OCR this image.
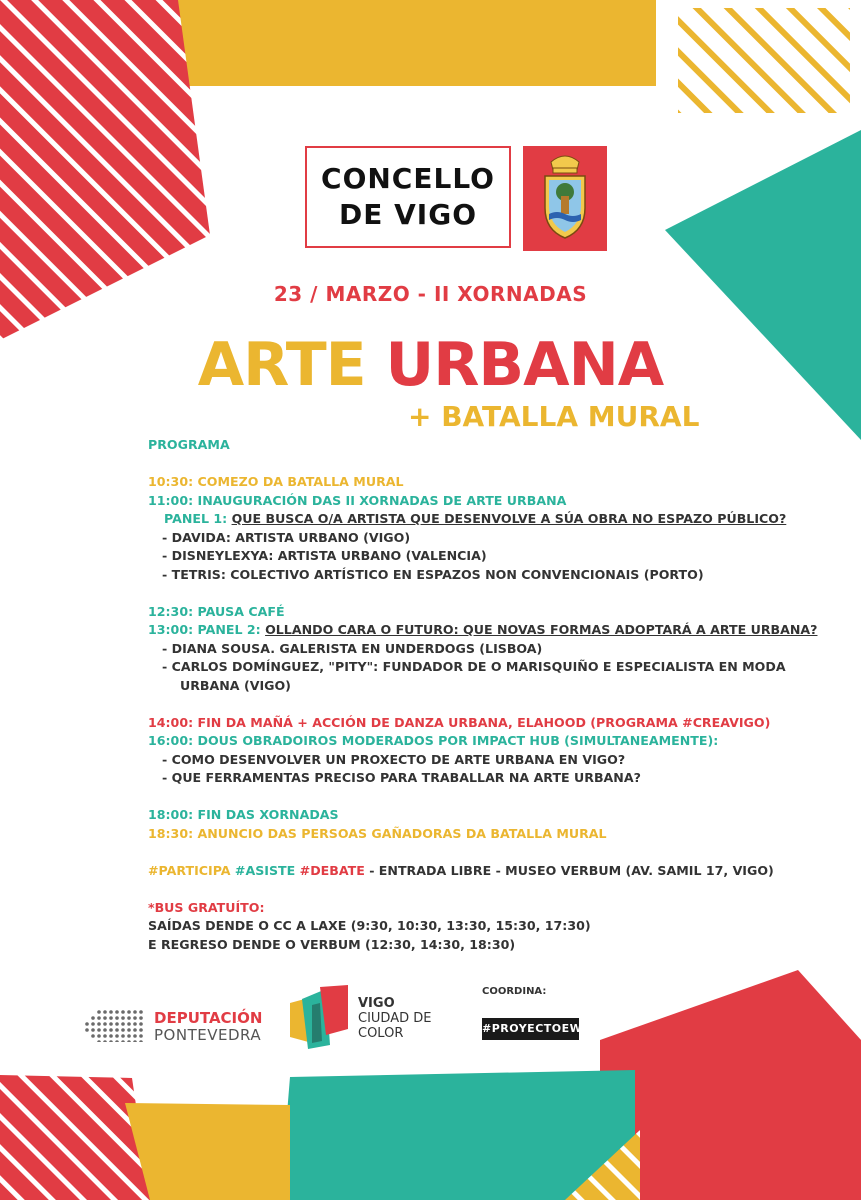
CONCELLO
DE VIGO
23 / MARZO - II XORNADAS
ARTE URBANA
+ BATALLA MURAL
PROGRAMA
10:30: COMEZO DA BATALLA MURAL
11:00: INAUGURACIÓN DAS II XORNADAS DE ARTE URBANA
PANEL 1: QUE BUSCA O/A ARTISTA QUE DESENVOLVE A SÚA OBRA NO ESPAZO PÚBLICO?
- DAVIDA: ARTISTA URBANO (VIGO)
- DISNEYLEXYA: ARTISTA URBANO (VALENCIA)
- TETRIS: COLECTIVO ARTÍSTICO EN ESPAZOS NON CONVENCIONAIS (PORTO)
12:30: PAUSA CAFÉ
13:00: PANEL 2: OLLANDO CARA O FUTURO: QUE NOVAS FORMAS ADOPTARÁ A ARTE URBANA?
- DIANA SOUSA. GALERISTA EN UNDERDOGS (LISBOA)
- CARLOS DOMÍNGUEZ, "PITY": FUNDADOR DE O MARISQUIÑO E ESPECIALISTA EN MODA
URBANA (VIGO)
14:00: FIN DA MAÑÁ + ACCIÓN DE DANZA URBANA, ELAHOOD (PROGRAMA #CREAVIGO)
16:00: DOUS OBRADOIROS MODERADOS POR IMPACT HUB (SIMULTANEAMENTE):
- COMO DESENVOLVER UN PROXECTO DE ARTE URBANA EN VIGO?
- QUE FERRAMENTAS PRECISO PARA TRABALLAR NA ARTE URBANA?
18:00: FIN DAS XORNADAS
18:30: ANUNCIO DAS PERSOAS GAÑADORAS DA BATALLA MURAL
#PARTICIPA #ASISTE #DEBATE - ENTRADA LIBRE - MUSEO VERBUM (AV. SAMIL 17, VIGO)
*BUS GRATUÍTO:
SAÍDAS DENDE O CC A LAXE (9:30, 10:30, 13:30, 15:30, 17:30)
E REGRESO DENDE O VERBUM (12:30, 14:30, 18:30)
DEPUTACIÓN
PONTEVEDRA
VIGO
CIUDAD DE
COLOR
COORDINA:
#PROYECTOEWA
